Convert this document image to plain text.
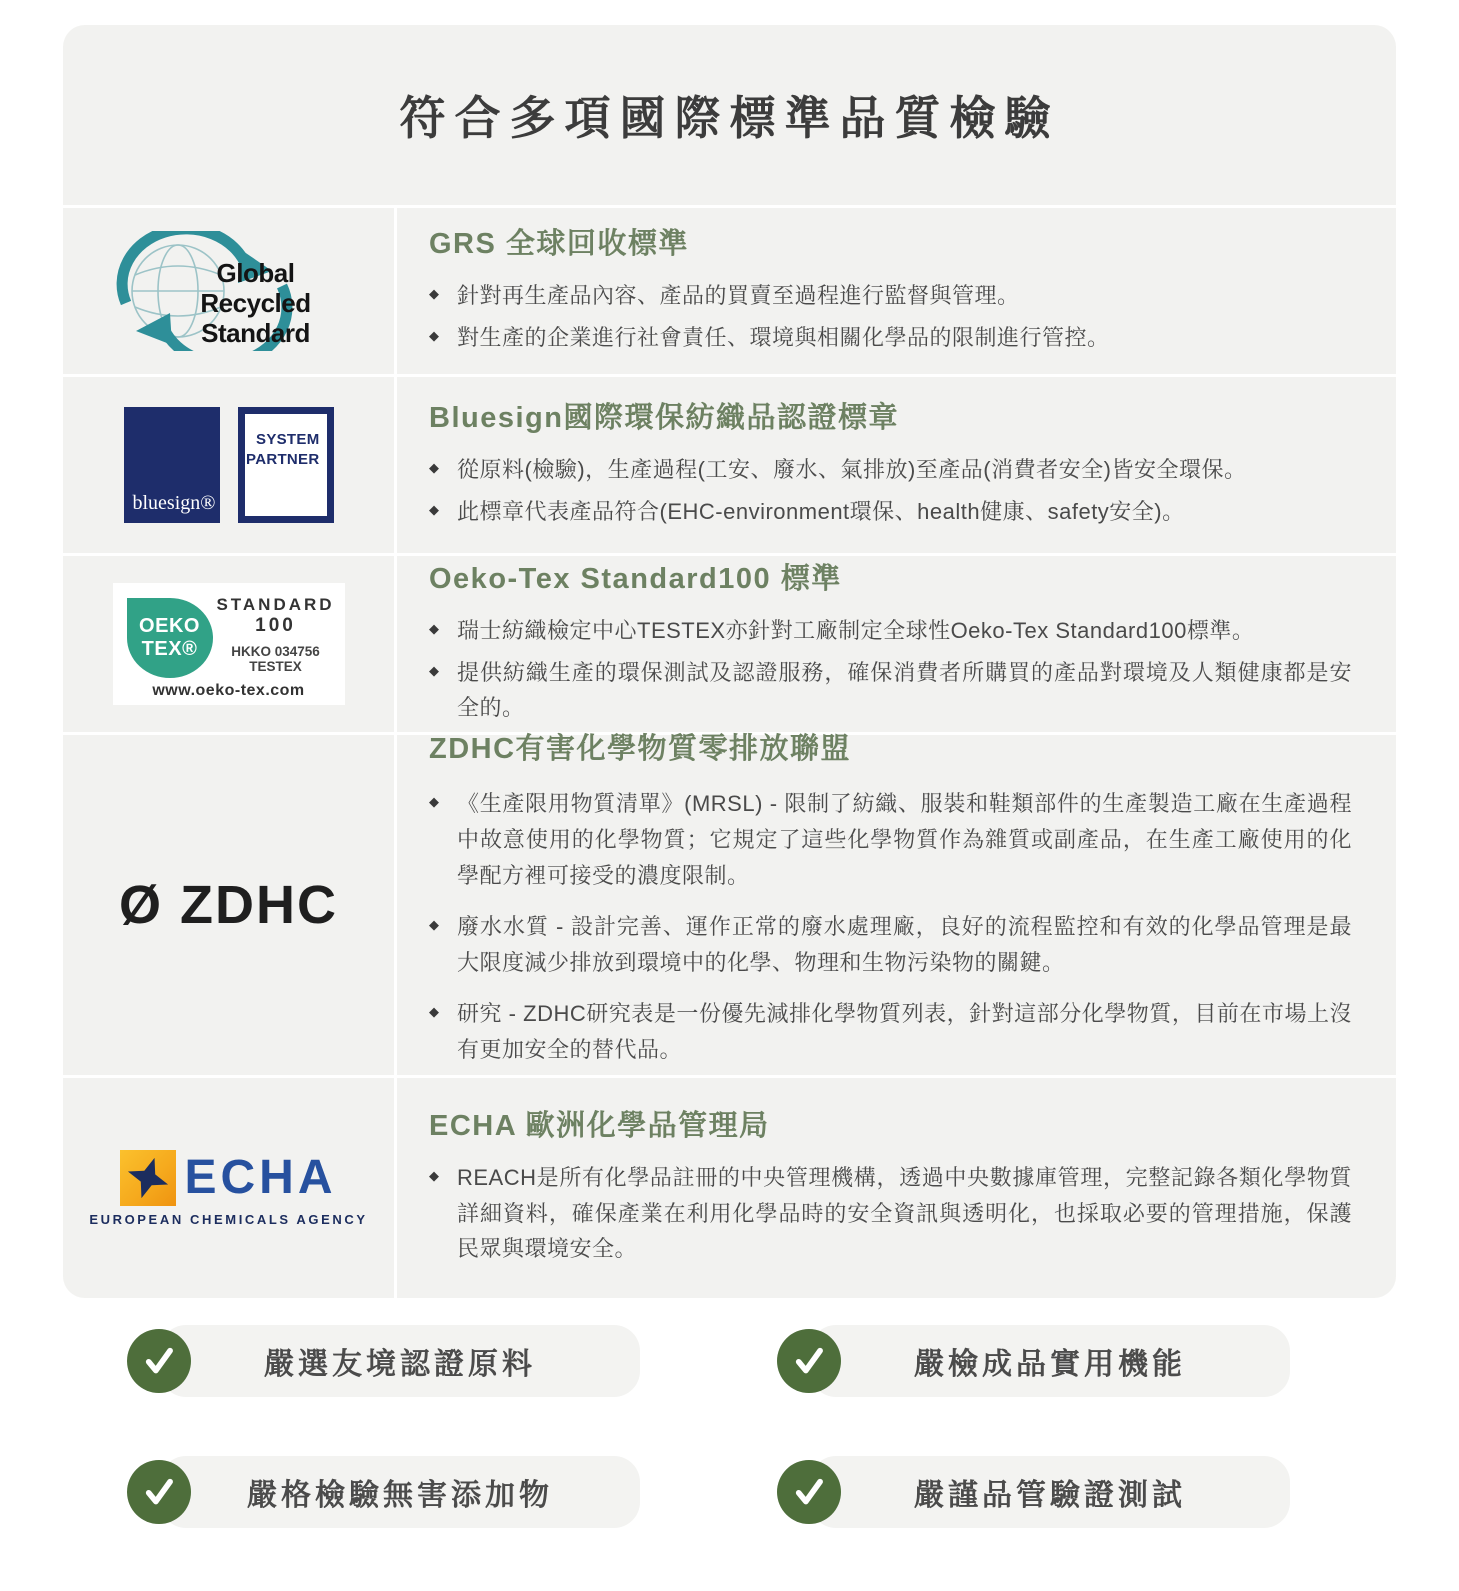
符合多項國際標準品質檢驗
Global Recycled
Standard
GRS 全球回收標準
◆ 針對再生產品內容、產品的買賣至過程進行監督與管理。
◆ 對生產的企業進行社會責任、環境與相關化學品的限制進行管控。
bluesign®
SYSTEM
PARTNER
Bluesign國際環保紡織品認證標章
◆ 從原料(檢驗)，生產過程(工安、廢水、氣排放)至產品(消費者安全)皆安全環保。
◆ 此標章代表產品符合(EHC-environment環保、health健康、safety安全)。
OEKO
TEX®
STANDARD
100
HKKO 034756
TESTEX
www.oeko-tex.com
Oeko-Tex Standard100 標準
◆ 瑞士紡織檢定中心TESTEX亦針對工廠制定全球性Oeko-Tex Standard100標準。
◆ 提供紡織生產的環保測試及認證服務，確保消費者所購買的產品對環境及人類健康都是安全的。
Ø ZDHC
ZDHC有害化學物質零排放聯盟
◆ 《生產限用物質清單》(MRSL) - 限制了紡織、服裝和鞋類部件的生產製造工廠在生產過程中故意使用的化學物質；它規定了這些化學物質作為雜質或副產品，在生產工廠使用的化學配方裡可接受的濃度限制。
◆ 廢水水質 - 設計完善、運作正常的廢水處理廠，良好的流程監控和有效的化學品管理是最大限度減少排放到環境中的化學、物理和生物污染物的關鍵。
◆ 研究 - ZDHC研究表是一份優先減排化學物質列表，針對這部分化學物質，目前在市場上沒有更加安全的替代品。
ECHA
EUROPEAN CHEMICALS AGENCY
ECHA 歐洲化學品管理局
◆ REACH是所有化學品註冊的中央管理機構，透過中央數據庫管理，完整記錄各類化學物質詳細資料，確保產業在利用化學品時的安全資訊與透明化，也採取必要的管理措施，保護民眾與環境安全。
嚴選友境認證原料	嚴檢成品實用機能
嚴格檢驗無害添加物	嚴謹品管驗證測試
